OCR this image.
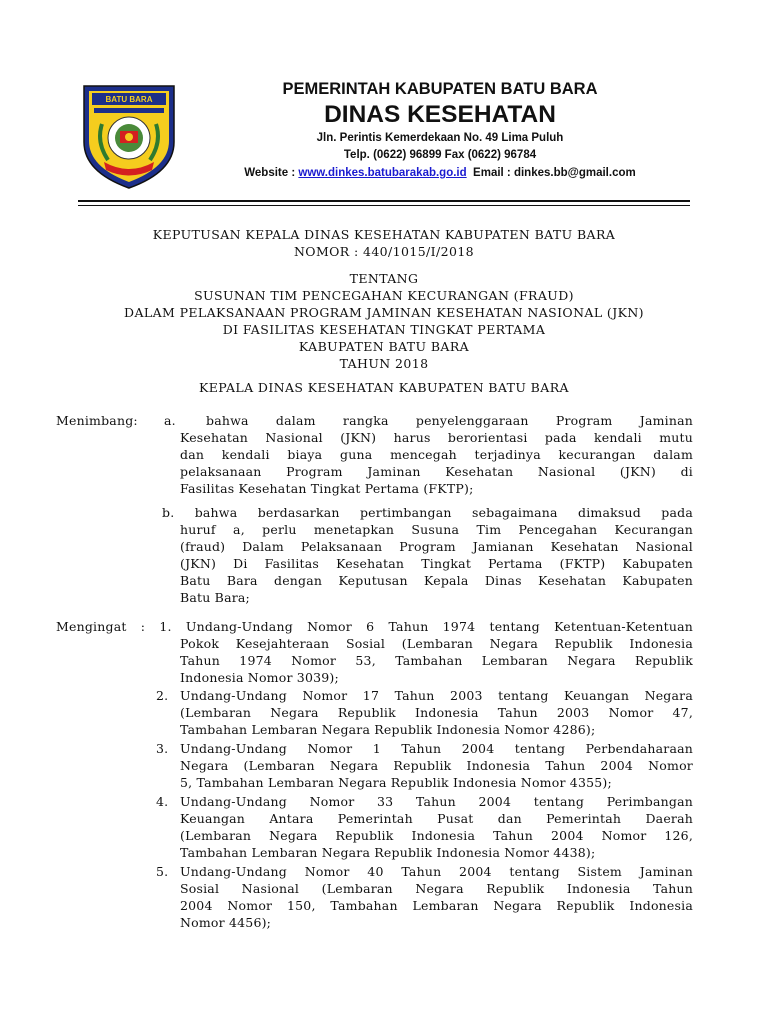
BATU BARA
PEMERINTAH KABUPATEN BATU BARA
DINAS KESEHATAN
Jln. Perintis Kemerdekaan No. 49 Lima Puluh
Telp. (0622) 96899 Fax (0622) 96784
Website : www.dinkes.batubarakab.go.id Email : dinkes.bb@gmail.com
KEPUTUSAN KEPALA DINAS KESEHATAN KABUPATEN BATU BARA
NOMOR : 440/1015/I/2018
TENTANG
SUSUNAN TIM PENCEGAHAN KECURANGAN (FRAUD)
DALAM PELAKSANAAN PROGRAM JAMINAN KESEHATAN NASIONAL (JKN)
DI FASILITAS KESEHATAN TINGKAT PERTAMA
KABUPATEN BATU BARA
TAHUN 2018
KEPALA DINAS KESEHATAN KABUPATEN BATU BARA
Menimbang: a.	bahwa dalam rangka penyelenggaraan Program Jaminan
Kesehatan Nasional (JKN) harus berorientasi pada kendali mutu
dan kendali biaya guna mencegah terjadinya kecurangan dalam
pelaksanaan Program Jaminan Kesehatan Nasional (JKN) di
Fasilitas Kesehatan Tingkat Pertama (FKTP);
b. bahwa berdasarkan pertimbangan sebagaimana dimaksud pada
huruf a, perlu menetapkan Susuna Tim Pencegahan Kecurangan
(fraud) Dalam Pelaksanaan Program Jamianan Kesehatan Nasional
(JKN) Di Fasilitas Kesehatan Tingkat Pertama (FKTP) Kabupaten
Batu Bara dengan Keputusan Kepala Dinas Kesehatan Kabupaten
Batu Bara;
Mengingat : 1. Undang-Undang Nomor 6 Tahun 1974 tentang Ketentuan-Ketentuan
Pokok Kesejahteraan Sosial (Lembaran Negara Republik Indonesia
Tahun 1974 Nomor 53, Tambahan Lembaran Negara Republik
Indonesia Nomor 3039);
2. Undang-Undang Nomor 17 Tahun 2003 tentang Keuangan Negara
(Lembaran Negara Republik Indonesia Tahun 2003 Nomor 47,
Tambahan Lembaran Negara Republik Indonesia Nomor 4286);
3. Undang-Undang Nomor 1 Tahun 2004 tentang Perbendaharaan
Negara (Lembaran Negara Republik Indonesia Tahun 2004 Nomor
5, Tambahan Lembaran Negara Republik Indonesia Nomor 4355);
4. Undang-Undang Nomor 33 Tahun 2004 tentang Perimbangan
Keuangan Antara Pemerintah Pusat dan Pemerintah Daerah
(Lembaran Negara Republik Indonesia Tahun 2004 Nomor 126,
Tambahan Lembaran Negara Republik Indonesia Nomor 4438);
5. Undang-Undang Nomor 40 Tahun 2004 tentang Sistem Jaminan
Sosial Nasional (Lembaran Negara Republik Indonesia Tahun
2004 Nomor 150, Tambahan Lembaran Negara Republik Indonesia
Nomor 4456);
